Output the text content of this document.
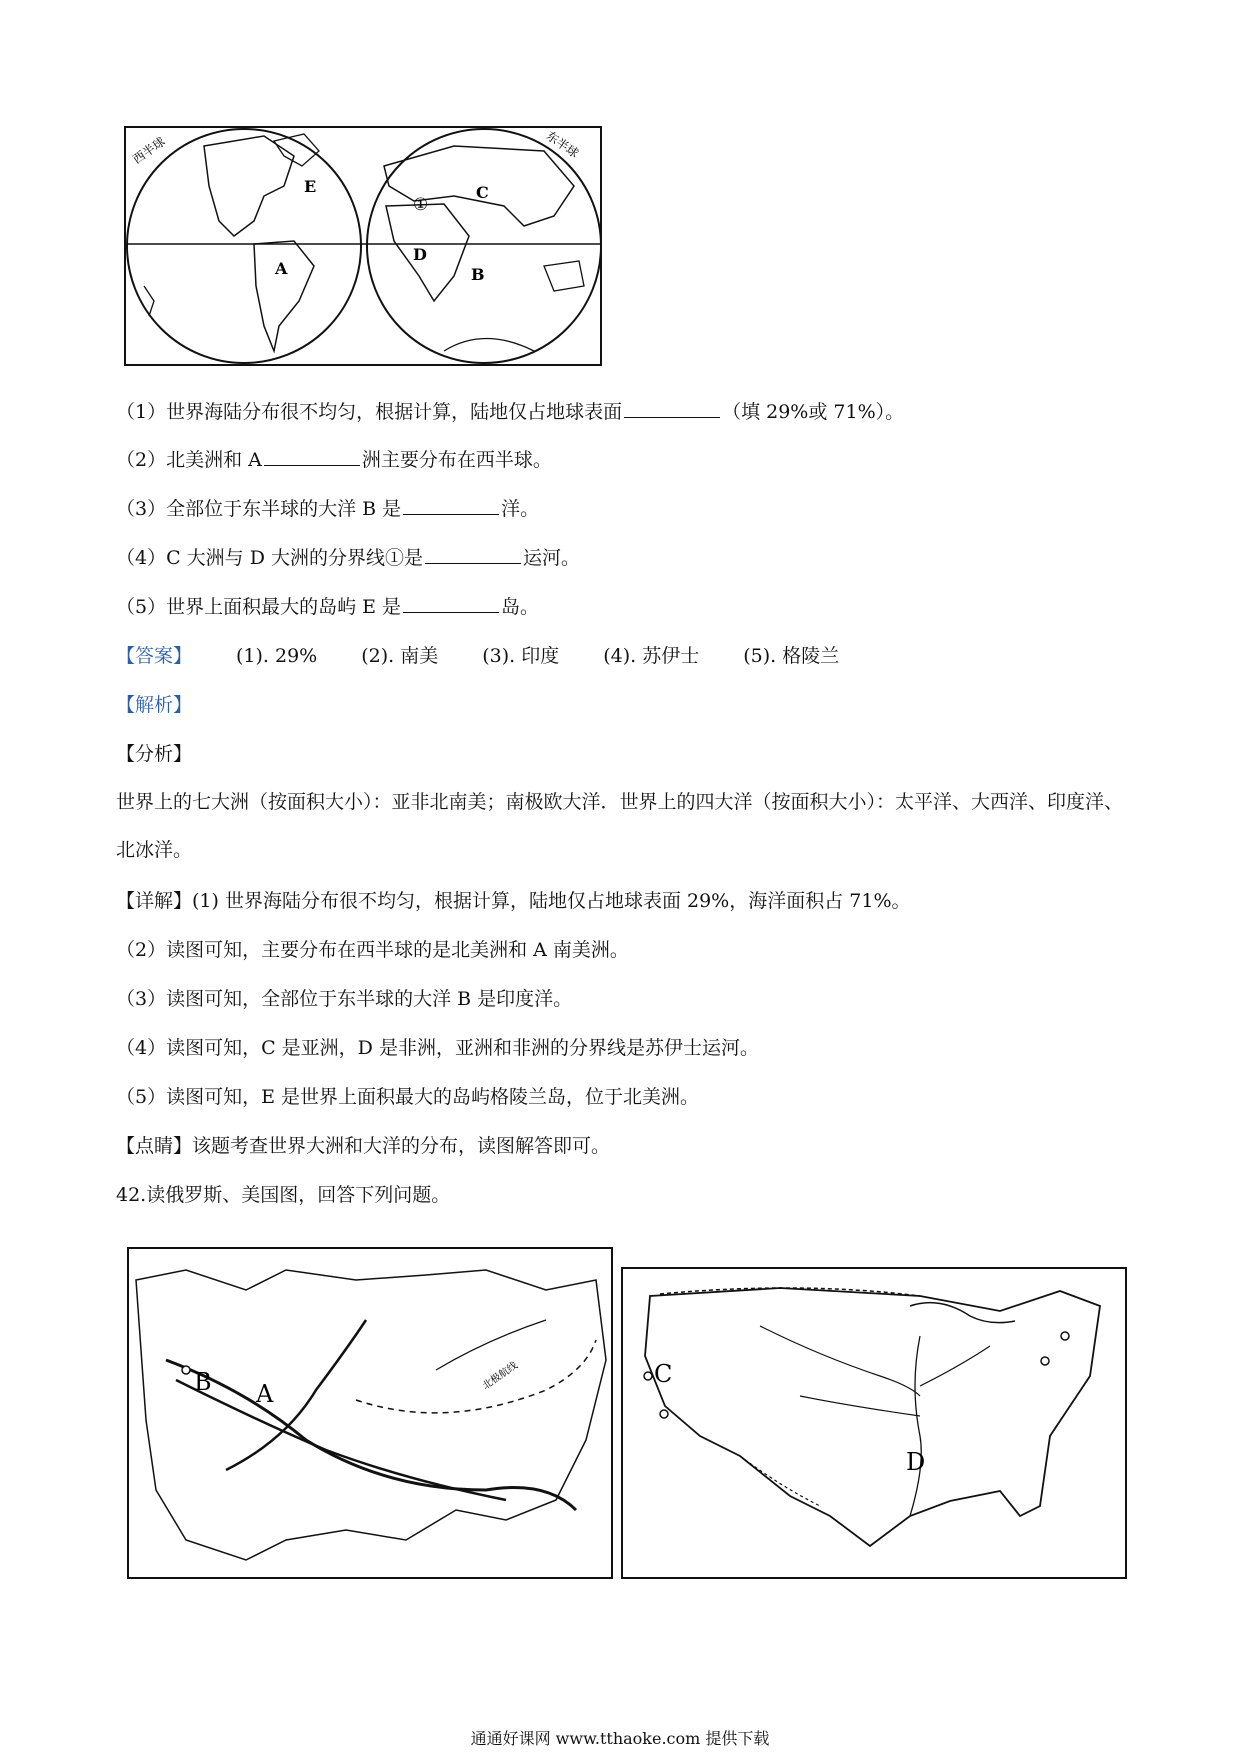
西半球	东半球
E
A
C
①
D
B
（1）世界海陆分布很不均匀，根据计算，陆地仅占地球表面	（填 29%或 71%）。
（2）北美洲和 A	洲主要分布在西半球。
（3）全部位于东半球的大洋 B 是	洋。
（4）C 大洲与 D 大洲的分界线①是	运河。
（5）世界上面积最大的岛屿 E 是	岛。
【答案】 (1). 29% (2). 南美 (3). 印度 (4). 苏伊士 (5). 格陵兰
【解析】
【分析】
世界上的七大洲（按面积大小）：亚非北南美；南极欧大洋．世界上的四大洋（按面积大小）：太平洋、大西洋、印度洋、北冰洋。
【详解】(1) 世界海陆分布很不均匀，根据计算，陆地仅占地球表面 29%，海洋面积占 71%。
（2）读图可知，主要分布在西半球的是北美洲和 A 南美洲。
（3）读图可知，全部位于东半球的大洋 B 是印度洋。
（4）读图可知，C 是亚洲，D 是非洲，亚洲和非洲的分界线是苏伊士运河。
（5）读图可知，E 是世界上面积最大的岛屿格陵兰岛，位于北美洲。
【点睛】该题考查世界大洲和大洋的分布，读图解答即可。
42.读俄罗斯、美国图，回答下列问题。
北极航线
B A
C
D
通通好课网 www.tthaoke.com 提供下载
